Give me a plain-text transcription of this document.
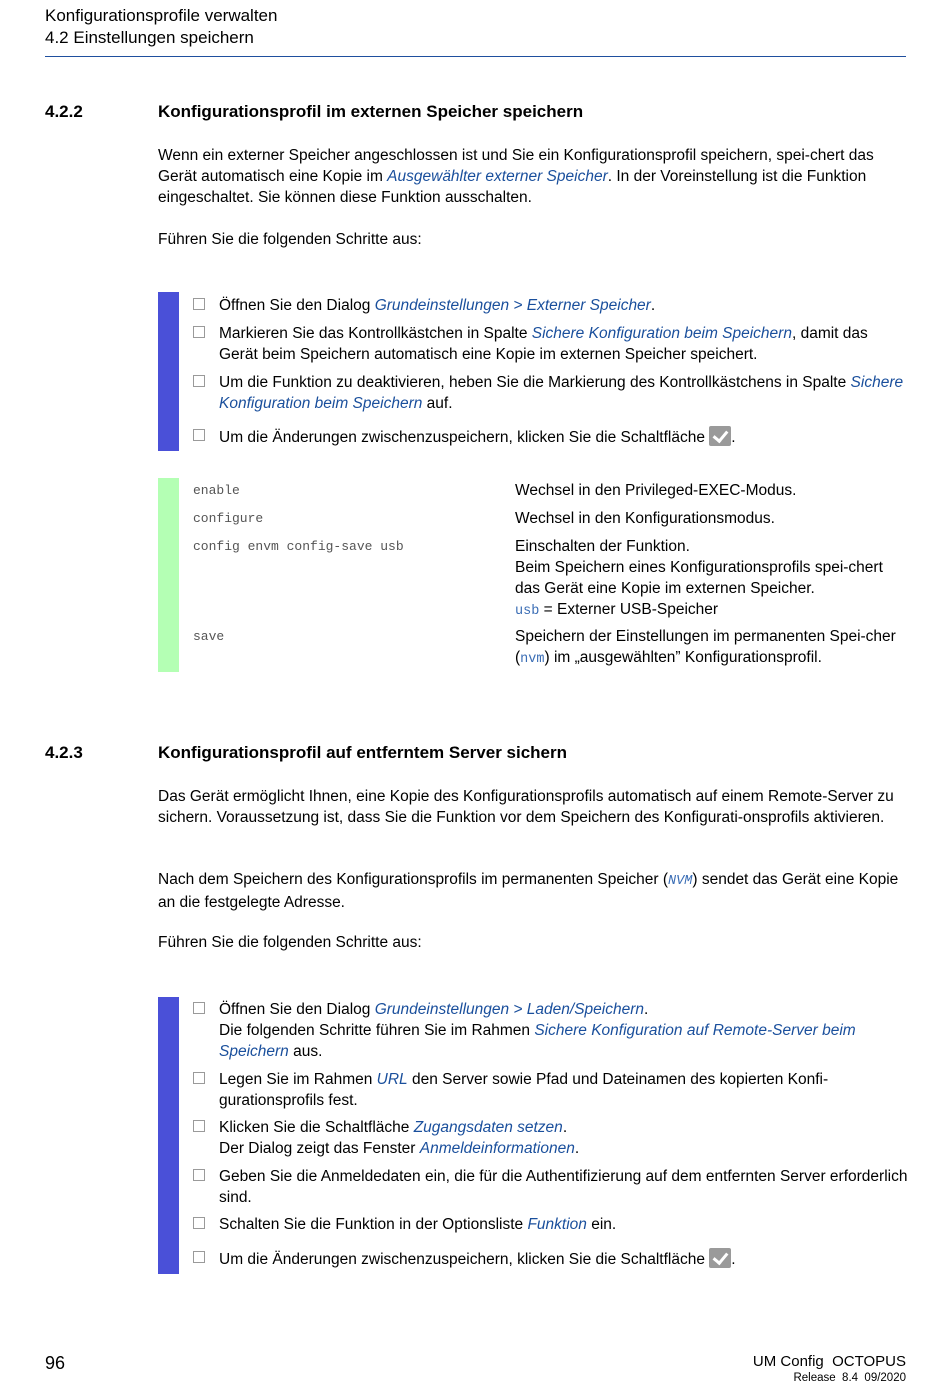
Konfigurationsprofile verwalten
4.2 Einstellungen speichern
4.2.2	Konfigurationsprofil im externen Speicher speichern
Wenn ein externer Speicher angeschlossen ist und Sie ein Konfigurationsprofil speichern, spei-chert das Gerät automatisch eine Kopie im Ausgewählter externer Speicher. In der Voreinstellung ist die Funktion eingeschaltet. Sie können diese Funktion ausschalten.
Führen Sie die folgenden Schritte aus:
Öffnen Sie den Dialog Grundeinstellungen > Externer Speicher.
Markieren Sie das Kontrollkästchen in Spalte Sichere Konfiguration beim Speichern, damit das Gerät beim Speichern automatisch eine Kopie im externen Speicher speichert.
Um die Funktion zu deaktivieren, heben Sie die Markierung des Kontrollkästchens in Spalte Sichere Konfiguration beim Speichern auf.
Um die Änderungen zwischenzuspeichern, klicken Sie die Schaltfläche .
enable	Wechsel in den Privileged-EXEC-Modus.
configure	Wechsel in den Konfigurationsmodus.
config envm config-save usb	Einschalten der Funktion.
Beim Speichern eines Konfigurationsprofils spei-chert das Gerät eine Kopie im externen Speicher.
usb = Externer USB-Speicher
save	Speichern der Einstellungen im permanenten Spei-cher (nvm) im „ausgewählten” Konfigurationsprofil.
4.2.3	Konfigurationsprofil auf entferntem Server sichern
Das Gerät ermöglicht Ihnen, eine Kopie des Konfigurationsprofils automatisch auf einem Remote-Server zu sichern. Voraussetzung ist, dass Sie die Funktion vor dem Speichern des Konfigurati-onsprofils aktivieren.
Nach dem Speichern des Konfigurationsprofils im permanenten Speicher (NVM) sendet das Gerät eine Kopie an die festgelegte Adresse.
Führen Sie die folgenden Schritte aus:
Öffnen Sie den Dialog Grundeinstellungen > Laden/Speichern.
Die folgenden Schritte führen Sie im Rahmen Sichere Konfiguration auf Remote-Server beim Speichern aus.
Legen Sie im Rahmen URL den Server sowie Pfad und Dateinamen des kopierten Konfi-gurationsprofils fest.
Klicken Sie die Schaltfläche Zugangsdaten setzen.
Der Dialog zeigt das Fenster Anmeldeinformationen.
Geben Sie die Anmeldedaten ein, die für die Authentifizierung auf dem entfernten Server erforderlich sind.
Schalten Sie die Funktion in der Optionsliste Funktion ein.
Um die Änderungen zwischenzuspeichern, klicken Sie die Schaltfläche .
96	UM Config  OCTOPUS
Release  8.4  09/2020
